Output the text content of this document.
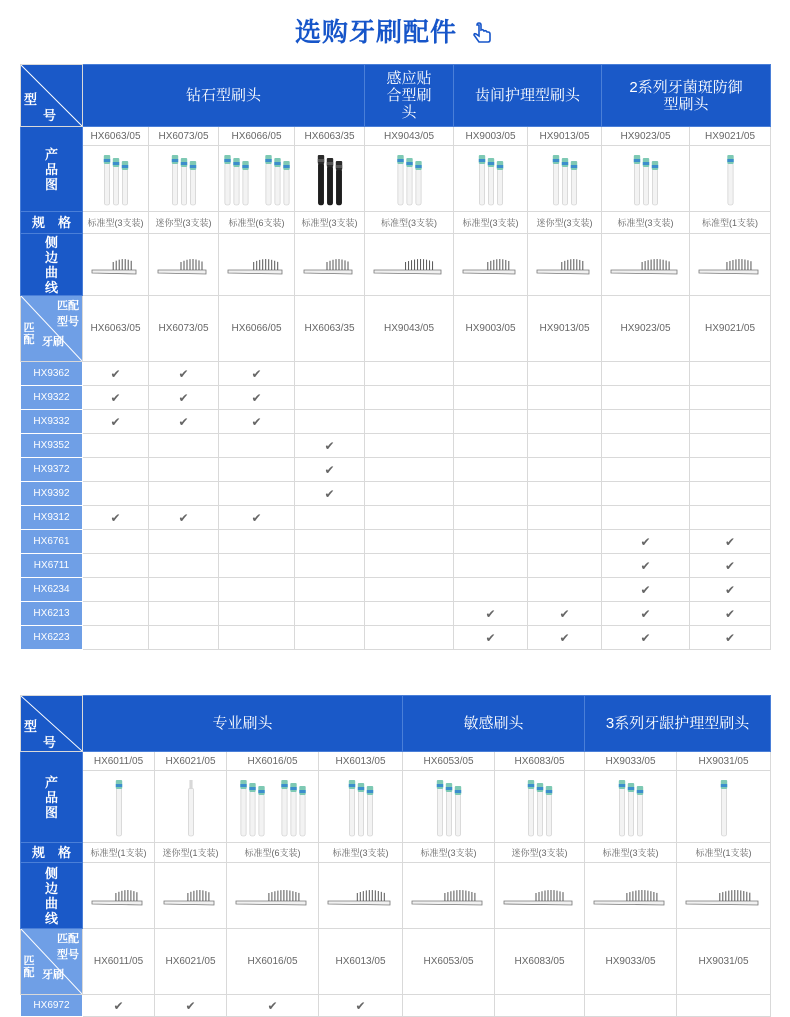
选购牙刷配件
型
号	钻石型刷头				感应贴合型刷头	齿间护理型刷头		2系列牙菌斑防御型刷头	
产品图	HX6063/05	HX6073/05	HX6066/05	HX6063/35	HX9043/05	HX9003/05	HX9013/05	HX9023/05	HX9021/05

规　格	标准型(3支装)	迷你型(3支装)	标准型(6支装)	标准型(3支装)	标准型(3支装)	标准型(3支装)	迷你型(3支装)	标准型(3支装)	标准型(1支装)
侧边曲线	

匹配
型号
匹配 牙刷	HX6063/05	HX6073/05	HX6066/05	HX6063/35	HX9043/05	HX9003/05	HX9013/05	HX9023/05	HX9021/05
HX9362	✔	✔	✔						
HX9322	✔	✔	✔						
HX9332	✔	✔	✔						
HX9352				✔					
HX9372				✔					
HX9392				✔					
HX9312	✔	✔	✔						
HX6761								✔	✔
HX6711								✔	✔
HX6234								✔	✔
HX6213						✔	✔	✔	✔
HX6223						✔	✔	✔	✔
型
号	专业刷头				敏感刷头		3系列牙龈护理型刷头	
产品图	HX6011/05	HX6021/05	HX6016/05	HX6013/05	HX6053/05	HX6083/05	HX9033/05	HX9031/05

规　格	标准型(1支装)	迷你型(1支装)	标准型(6支装)	标准型(3支装)	标准型(3支装)	迷你型(3支装)	标准型(3支装)	标准型(1支装)
侧边曲线	

匹配
型号
匹配 牙刷	HX6011/05	HX6021/05	HX6016/05	HX6013/05	HX6053/05	HX6083/05	HX9033/05	HX9031/05
HX6972	✔	✔	✔	✔				
